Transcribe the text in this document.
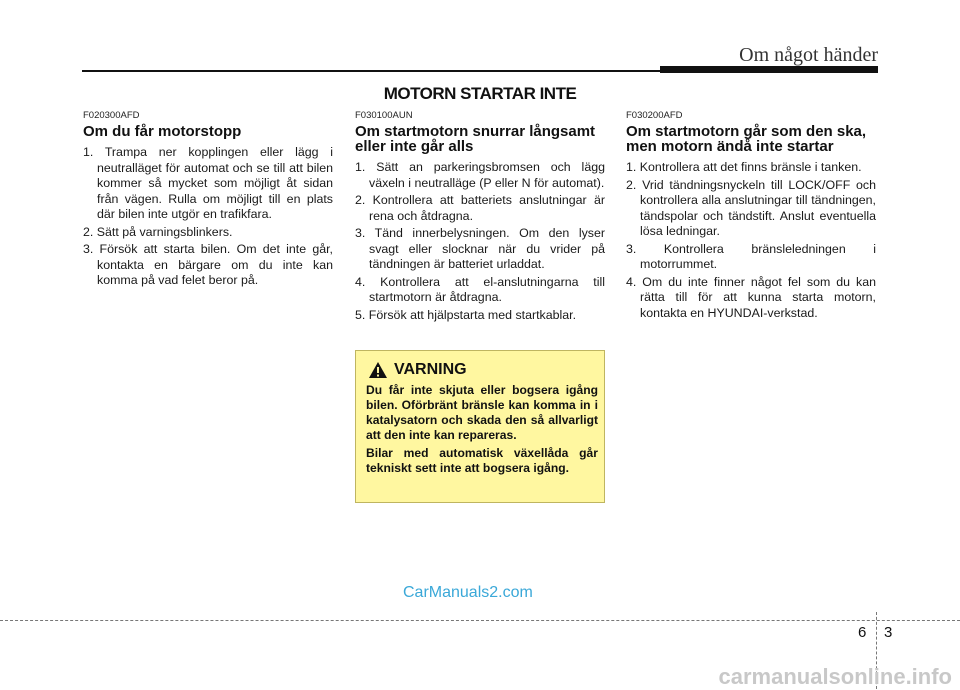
Om något händer
MOTORN STARTAR INTE
F020300AFD
Om du får motorstopp
1. Trampa ner kopplingen eller lägg i neutralläget för automat och se till att bilen kommer så mycket som möjligt åt sidan från vägen. Rulla om möjligt till en plats där bilen inte utgör en trafikfara.
2. Sätt på varningsblinkers.
3. Försök att starta bilen. Om det inte går, kontakta en bärgare om du inte kan komma på vad felet beror på.
F030100AUN
Om startmotorn snurrar långsamt eller inte går alls
1. Sätt an parkeringsbromsen och lägg växeln i neutralläge (P eller N för automat).
2. Kontrollera att batteriets anslutningar är rena och åtdragna.
3. Tänd innerbelysningen. Om den lyser svagt eller slocknar när du vrider på tändningen är batteriet urladdat.
4. Kontrollera att el-anslutningarna till startmotorn är åtdragna.
5. Försök att hjälpstarta med startkablar.
F030200AFD
Om startmotorn går som den ska, men motorn ändå inte startar
1. Kontrollera att det finns bränsle i tanken.
2. Vrid tändningsnyckeln till LOCK/OFF och kontrollera alla anslutningar till tändningen, tändspolar och tändstift. Anslut eventuella lösa ledningar.
3. Kontrollera bränsleledningen i motorrummet.
4. Om du inte finner något fel som du kan rätta till för att kunna starta motorn, kontakta en HYUNDAI-verkstad.
VARNING

Du får inte skjuta eller bogsera igång bilen. Oförbränt bränsle kan komma in i katalysatorn och skada den så allvarligt att den inte kan repareras.

Bilar med automatisk växellåda går tekniskt sett inte att bogsera igång.

CarManuals2.com
6 3
carmanualsonline.info
